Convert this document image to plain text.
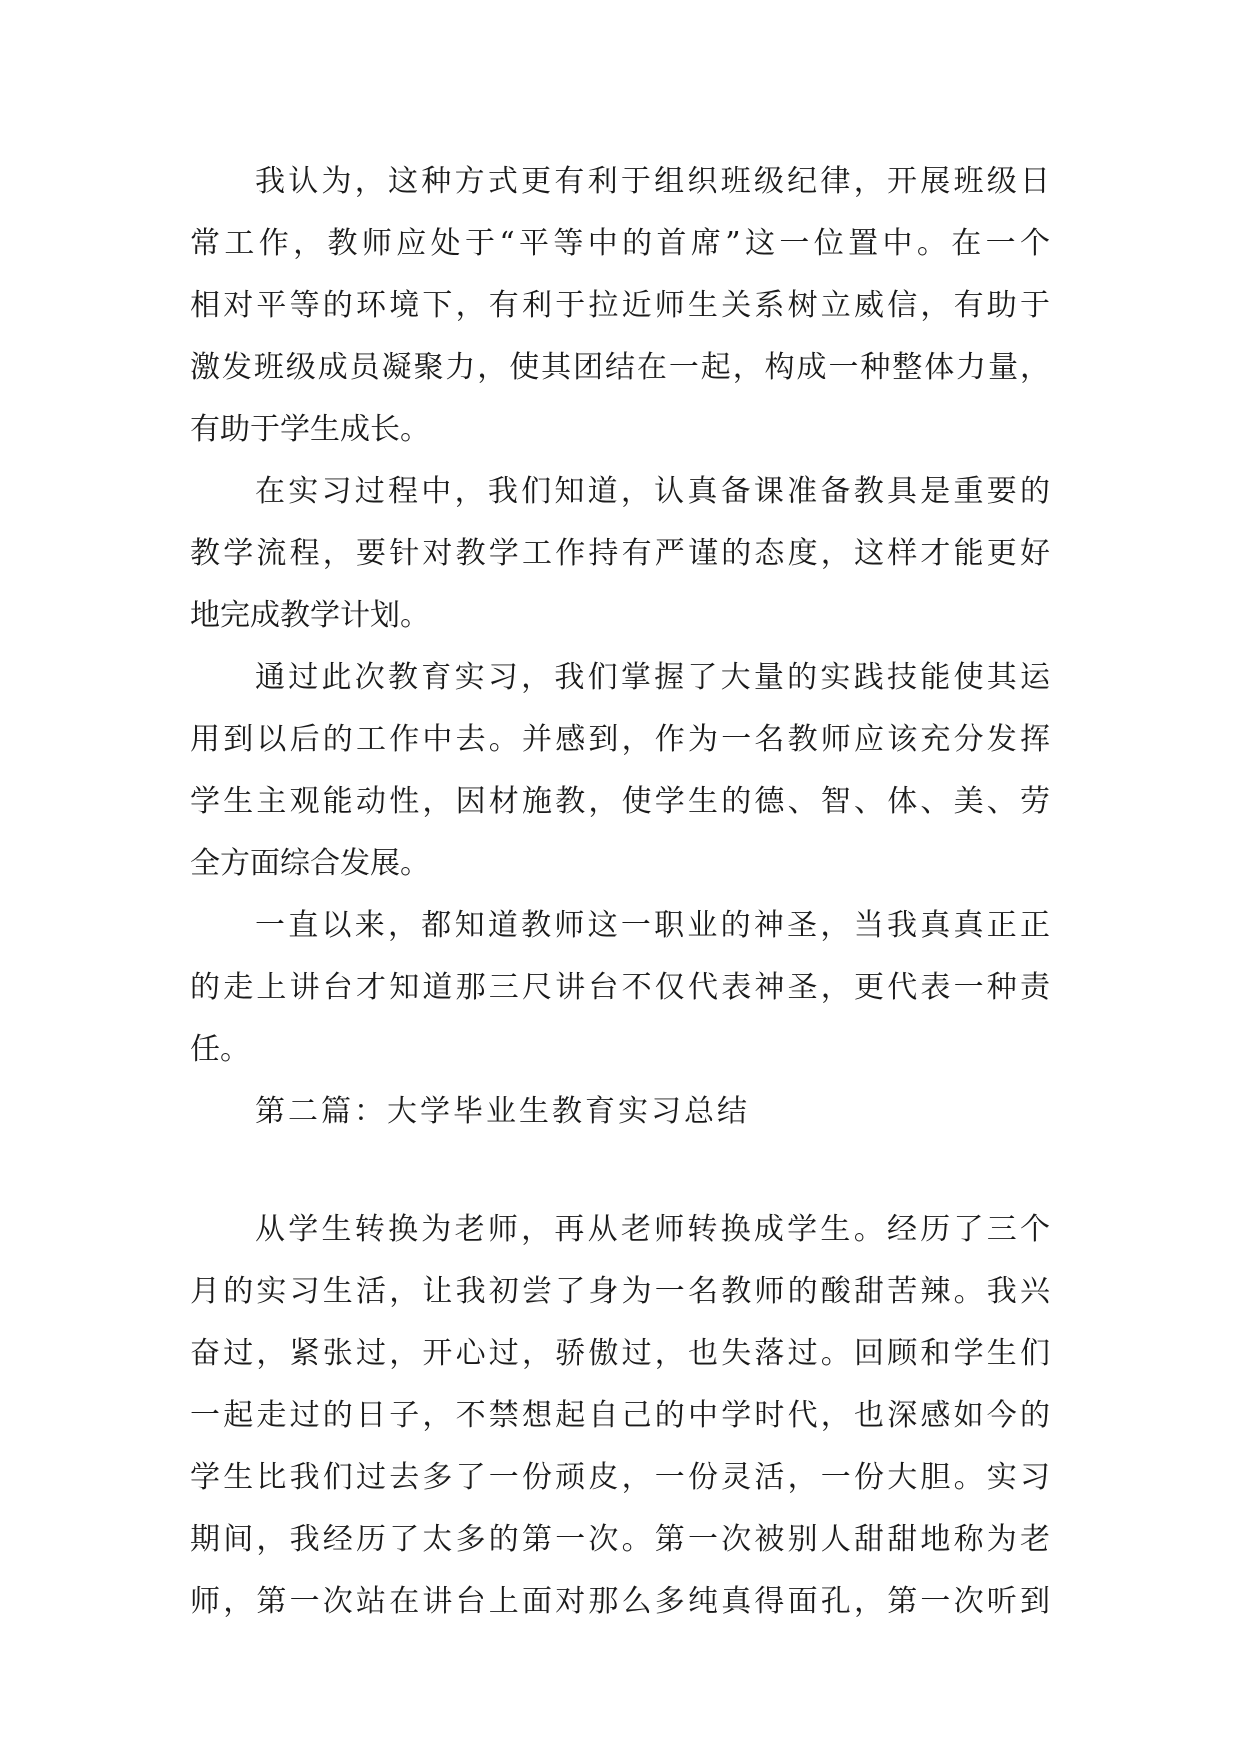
我认为，这种方式更有利于组织班级纪律，开展班级日
常工作，教师应处于“平等中的首席”这一位置中。在一个
相对平等的环境下，有利于拉近师生关系树立威信，有助于
激发班级成员凝聚力，使其团结在一起，构成一种整体力量，
有助于学生成长。
在实习过程中，我们知道，认真备课准备教具是重要的
教学流程，要针对教学工作持有严谨的态度，这样才能更好
地完成教学计划。
通过此次教育实习，我们掌握了大量的实践技能使其运
用到以后的工作中去。并感到，作为一名教师应该充分发挥
学生主观能动性，因材施教，使学生的德、智、体、美、劳
全方面综合发展。
一直以来，都知道教师这一职业的神圣，当我真真正正
的走上讲台才知道那三尺讲台不仅代表神圣，更代表一种责
任。
第二篇：大学毕业生教育实习总结
从学生转换为老师，再从老师转换成学生。经历了三个
月的实习生活，让我初尝了身为一名教师的酸甜苦辣。我兴
奋过，紧张过，开心过，骄傲过，也失落过。回顾和学生们
一起走过的日子，不禁想起自己的中学时代，也深感如今的
学生比我们过去多了一份顽皮，一份灵活，一份大胆。实习
期间，我经历了太多的第一次。第一次被别人甜甜地称为老
师，第一次站在讲台上面对那么多纯真得面孔，第一次听到
